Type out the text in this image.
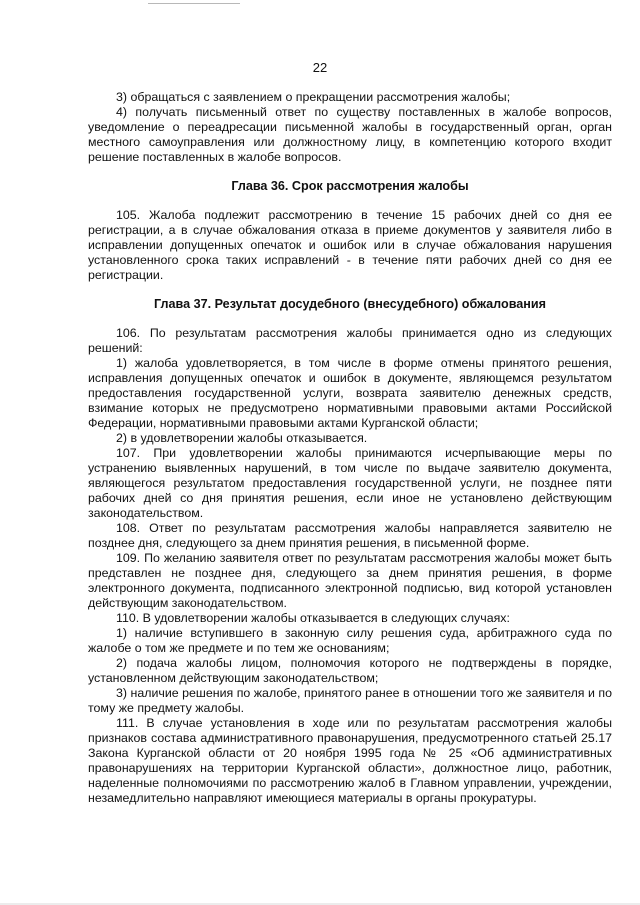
22

3) обращаться с заявлением о прекращении рассмотрения жалобы;

4) получать письменный ответ по существу поставленных в жалобе вопросов, уведомление о переадресации письменной жалобы в государственный орган, орган местного самоуправления или должностному лицу, в компетенцию которого входит решение поставленных в жалобе вопросов.

Глава 36. Срок рассмотрения жалобы

105. Жалоба подлежит рассмотрению в течение 15 рабочих дней со дня ее регистрации, а в случае обжалования отказа в приеме документов у заявителя либо в исправлении допущенных опечаток и ошибок или в случае обжалования нарушения установленного срока таких исправлений - в течение пяти рабочих дней со дня ее регистрации.

Глава 37. Результат досудебного (внесудебного) обжалования

106. По результатам рассмотрения жалобы принимается одно из следующих решений:

1) жалоба удовлетворяется, в том числе в форме отмены принятого решения, исправления допущенных опечаток и ошибок в документе, являющемся результатом предоставления государственной услуги, возврата заявителю денежных средств, взимание которых не предусмотрено нормативными правовыми актами Российской Федерации, нормативными правовыми актами Курганской области;

2) в удовлетворении жалобы отказывается.

107. При удовлетворении жалобы принимаются исчерпывающие меры по устранению выявленных нарушений, в том числе по выдаче заявителю документа, являющегося результатом предоставления государственной услуги, не позднее пяти рабочих дней со дня принятия решения, если иное не установлено действующим законодательством.

108. Ответ по результатам рассмотрения жалобы направляется заявителю не позднее дня, следующего за днем принятия решения, в письменной форме.

109. По желанию заявителя ответ по результатам рассмотрения жалобы может быть представлен не позднее дня, следующего за днем принятия решения, в форме электронного документа, подписанного электронной подписью, вид которой установлен действующим законодательством.

110. В удовлетворении жалобы отказывается в следующих случаях:

1) наличие вступившего в законную силу решения суда, арбитражного суда по жалобе о том же предмете и по тем же основаниям;

2) подача жалобы лицом, полномочия которого не подтверждены в порядке, установленном действующим законодательством;

3) наличие решения по жалобе, принятого ранее в отношении того же заявителя и по тому же предмету жалобы.

111. В случае установления в ходе или по результатам рассмотрения жалобы признаков состава административного правонарушения, предусмотренного статьей 25.17 Закона Курганской области от 20 ноября 1995 года № 25 «Об административных правонарушениях на территории Курганской области», должностное лицо, работник, наделенные полномочиями по рассмотрению жалоб в Главном управлении, учреждении, незамедлительно направляют имеющиеся материалы в органы прокуратуры.
